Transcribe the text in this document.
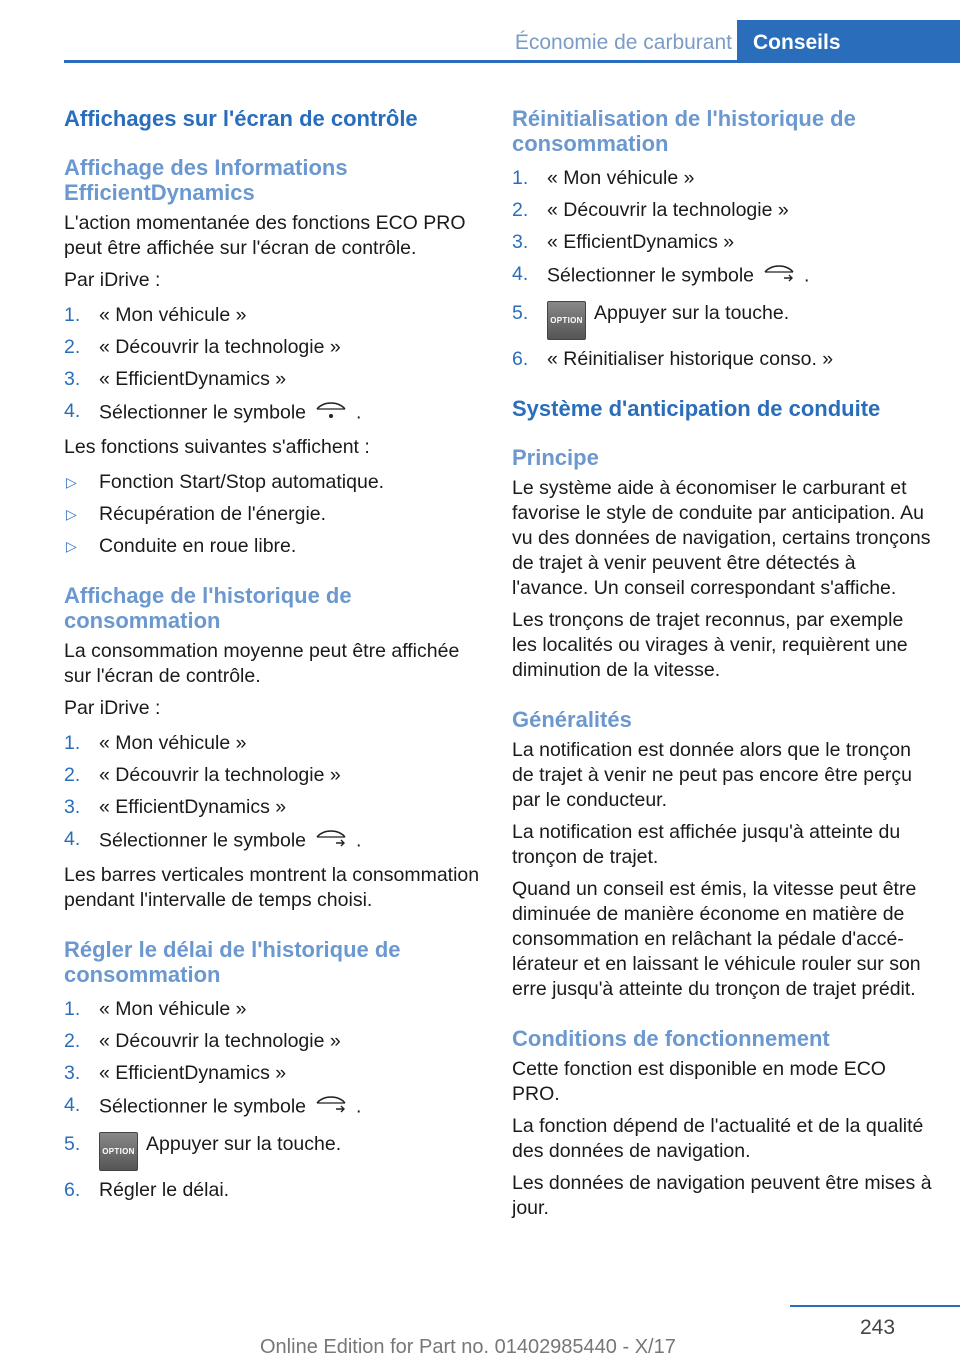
Économie de carburant	Conseils
Affichages sur l'écran de contrôle
Affichage des Informations EfficientDynamics

L'action momentanée des fonctions ECO PRO peut être affichée sur l'écran de contrôle.

Par iDrive :

1. « Mon véhicule »
2. « Découvrir la technologie »
3. « EfficientDynamics »
4. Sélectionner le symbole	.

Les fonctions suivantes s'affichent :

▷ Fonction Start/Stop automatique.
▷ Récupération de l'énergie.
▷ Conduite en roue libre.
Affichage de l'historique de consommation

La consommation moyenne peut être affichée sur l'écran de contrôle.

Par iDrive :

1. « Mon véhicule »
2. « Découvrir la technologie »
3. « EfficientDynamics »
4. Sélectionner le symbole	.

Les barres verticales montrent la consommation pendant l'intervalle de temps choisi.

Régler le délai de l'historique de consommation
1. « Mon véhicule »
2. « Découvrir la technologie »
3. « EfficientDynamics »
4. Sélectionner le symbole	.
5.	OPTION Appuyer sur la touche.
6. Régler le délai.
Réinitialisation de l'historique de consommation
1. « Mon véhicule »
2. « Découvrir la technologie »
3. « EfficientDynamics »
4. Sélectionner le symbole	.
5.	OPTION Appuyer sur la touche.
6. « Réinitialiser historique conso. »
Système d'anticipation de conduite
Principe

Le système aide à économiser le carburant et favorise le style de conduite par anticipation. Au vu des données de navigation, certains tronçons de trajet à venir peuvent être détectés à l'avance. Un conseil correspondant s'affiche.

Les tronçons de trajet reconnus, par exemple les localités ou virages à venir, requièrent une diminution de la vitesse.

Généralités

La notification est donnée alors que le tronçon de trajet à venir ne peut pas encore être perçu par le conducteur.

La notification est affichée jusqu'à atteinte du tronçon de trajet.

Quand un conseil est émis, la vitesse peut être diminuée de manière économe en matière de consommation en relâchant la pédale d'accélérateur et en laissant le véhicule rouler sur son erre jusqu'à atteinte du tronçon de trajet prédit.

Conditions de fonctionnement

Cette fonction est disponible en mode ECO PRO.

La fonction dépend de l'actualité et de la qualité des données de navigation.

Les données de navigation peuvent être mises à jour.

243
Online Edition for Part no. 01402985440 - X/17
